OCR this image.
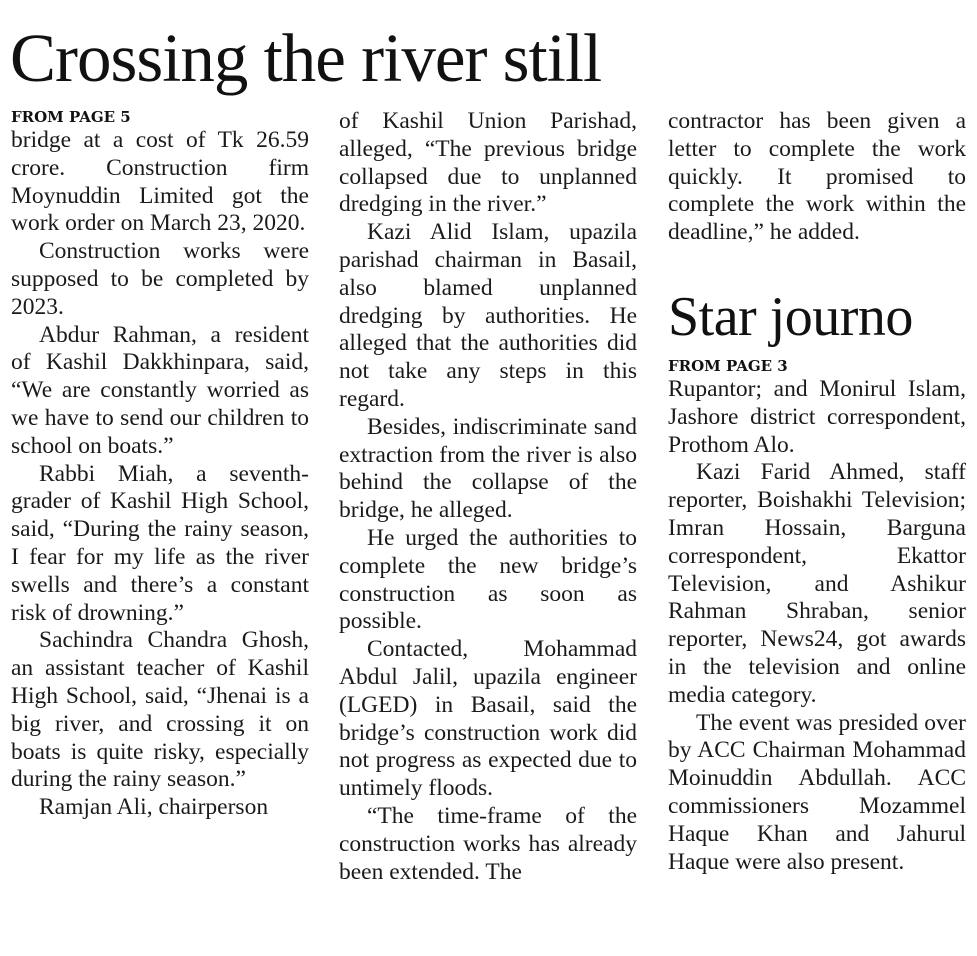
Crossing the river still
FROM PAGE 5

bridge at a cost of Tk 26.59 crore. Construction firm Moynuddin Limited got the work order on March 23, 2020.

Construction works were supposed to be completed by 2023.

Abdur Rahman, a resident of Kashil Dakkhinpara, said, “We are constantly worried as we have to send our children to school on boats.”

Rabbi Miah, a seventh-grader of Kashil High School, said, “During the rainy season, I fear for my life as the river swells and there’s a constant risk of drowning.”

Sachindra Chandra Ghosh, an assistant teacher of Kashil High School, said, “Jhenai is a big river, and crossing it on boats is quite risky, especially during the rainy season.”

Ramjan Ali, chairperson

of Kashil Union Parishad, alleged, “The previous bridge collapsed due to unplanned dredging in the river.”

Kazi Alid Islam, upazila parishad chairman in Basail, also blamed unplanned dredging by authorities. He alleged that the authorities did not take any steps in this regard.

Besides, indiscriminate sand extraction from the river is also behind the collapse of the bridge, he alleged.

He urged the authorities to complete the new bridge’s construction as soon as possible.

Contacted, Mohammad Abdul Jalil, upazila engineer (LGED) in Basail, said the bridge’s construction work did not progress as expected due to untimely floods.

“The time-frame of the construction works has already been extended. The

contractor has been given a letter to complete the work quickly. It promised to complete the work within the deadline,” he added.

Star journo
FROM PAGE 3

Rupantor; and Monirul Islam, Jashore district correspondent, Prothom Alo.

Kazi Farid Ahmed, staff reporter, Boishakhi Television; Imran Hossain, Barguna correspondent, Ekattor Television, and Ashikur Rahman Shraban, senior reporter, News24, got awards in the television and online media category.

The event was presided over by ACC Chairman Mohammad Moinuddin Abdullah. ACC commissioners Mozammel Haque Khan and Jahurul Haque were also present.
